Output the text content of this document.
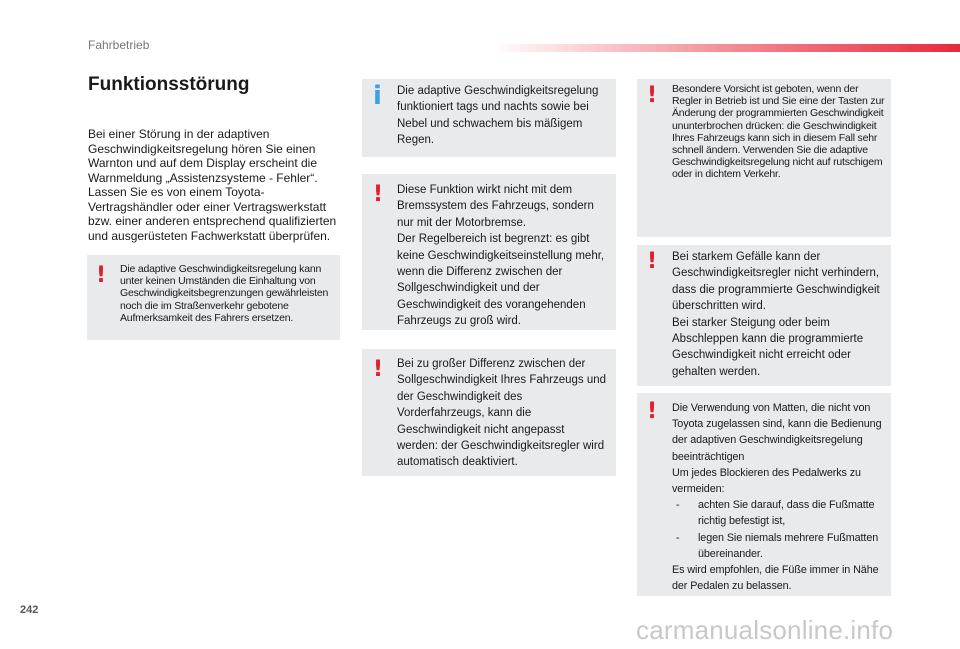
Fahrbetrieb
Funktionsstörung

Bei einer Störung in der adaptiven Geschwindigkeitsregelung hören Sie einen Warnton und auf dem Display erscheint die Warnmeldung „Assistenzsysteme - Fehler“. Lassen Sie es von einem Toyota-Vertragshändler oder einer Vertragswerkstatt bzw. einer anderen entsprechend qualifizierten und ausgerüsteten Fachwerkstatt überprüfen.

! Die adaptive Geschwindigkeitsregelung kann unter keinen Umständen die Einhaltung von Geschwindigkeitsbegrenzungen gewährleisten noch die im Straßenverkehr gebotene Aufmerksamkeit des Fahrers ersetzen.

i Die adaptive Geschwindigkeitsregelung funktioniert tags und nachts sowie bei Nebel und schwachem bis mäßigem Regen.

! Diese Funktion wirkt nicht mit dem Bremssystem des Fahrzeugs, sondern nur mit der Motorbremse.
Der Regelbereich ist begrenzt: es gibt keine Geschwindigkeitseinstellung mehr, wenn die Differenz zwischen der Sollgeschwindigkeit und der Geschwindigkeit des vorangehenden Fahrzeugs zu groß wird.

! Bei zu großer Differenz zwischen der Sollgeschwindigkeit Ihres Fahrzeugs und der Geschwindigkeit des Vorderfahrzeugs, kann die Geschwindigkeit nicht angepasst werden: der Geschwindigkeitsregler wird automatisch deaktiviert.

! Besondere Vorsicht ist geboten, wenn der Regler in Betrieb ist und Sie eine der Tasten zur Änderung der programmierten Geschwindigkeit ununterbrochen drücken: die Geschwindigkeit Ihres Fahrzeugs kann sich in diesem Fall sehr schnell ändern. Verwenden Sie die adaptive Geschwindigkeitsregelung nicht auf rutschigem oder in dichtem Verkehr.

! Bei starkem Gefälle kann der Geschwindigkeitsregler nicht verhindern, dass die programmierte Geschwindigkeit überschritten wird.
Bei starker Steigung oder beim Abschleppen kann die programmierte Geschwindigkeit nicht erreicht oder gehalten werden.

! Die Verwendung von Matten, die nicht von Toyota zugelassen sind, kann die Bedienung der adaptiven Geschwindigkeitsregelung beeinträchtigen
Um jedes Blockieren des Pedalwerks zu vermeiden:

-	achten Sie darauf, dass die Fußmatte richtig befestigt ist,
-	legen Sie niemals mehrere Fußmatten übereinander.

Es wird empfohlen, die Füße immer in Nähe der Pedalen zu belassen.

242
carmanualsonline.info
